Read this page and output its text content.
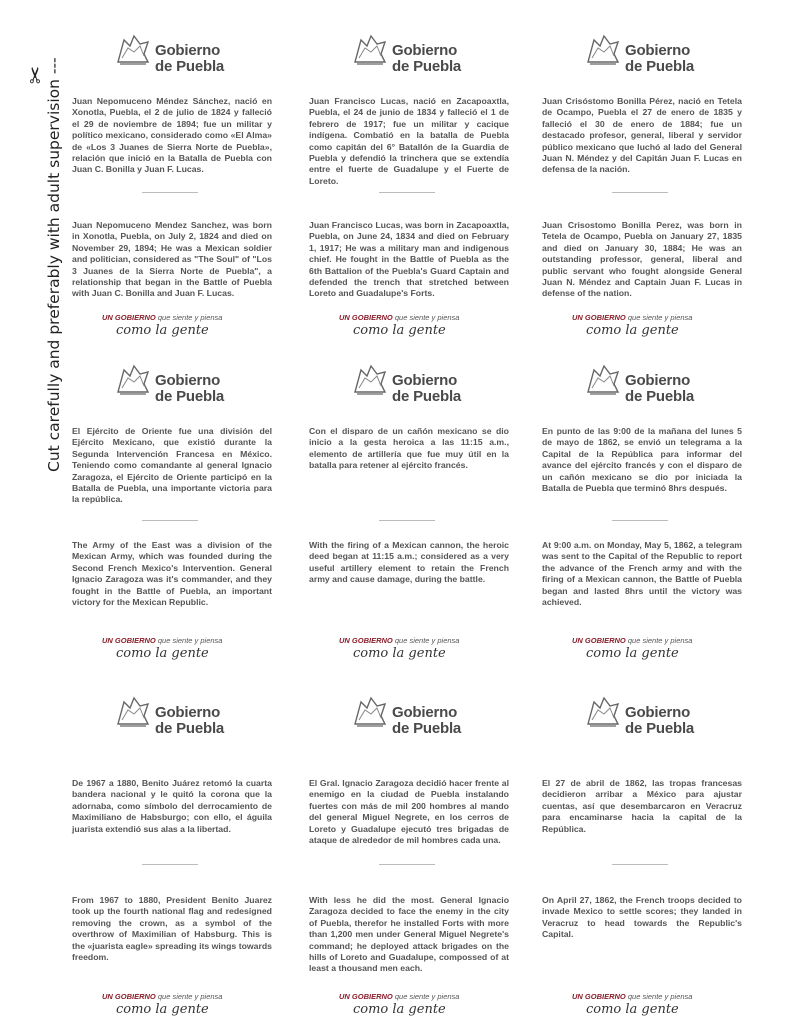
✂
Cut carefully and preferably with adult supervision ---
Gobierno
de Puebla
Juan Nepomuceno Méndez Sánchez, nació en Xonotla, Puebla, el 2 de julio de 1824 y falleció el 29 de noviembre de 1894; fue un militar y político mexicano, considerado como «El Alma» de «Los 3 Juanes de Sierra Norte de Puebla», relación que inició en la Batalla de Puebla con Juan C. Bonilla y Juan F. Lucas.
Juan Nepomuceno Mendez Sanchez, was born in Xonotla, Puebla, on July 2, 1824 and died on November 29, 1894; He was a Mexican soldier and politician, considered as "The Soul" of "Los 3 Juanes de la Sierra Norte de Puebla", a relationship that began in the Battle of Puebla with Juan C. Bonilla and Juan F. Lucas.
UN GOBIERNO que siente y piensa
como la gente
Gobierno
de Puebla
Juan Francisco Lucas, nació en Zacapoaxtla, Puebla, el 24 de junio de 1834 y falleció el 1 de febrero de 1917; fue un militar y cacique indígena. Combatió en la batalla de Puebla como capitán del 6° Batallón de la Guardia de Puebla y defendió la trinchera que se extendía entre el fuerte de Guadalupe y el Fuerte de Loreto.
Juan Francisco Lucas, was born in Zacapoaxtla, Puebla, on June 24, 1834 and died on February 1, 1917; He was a military man and indigenous chief. He fought in the Battle of Puebla as the 6th Battalion of the Puebla's Guard Captain and defended the trench that stretched between Loreto and Guadalupe's Forts.
UN GOBIERNO que siente y piensa
como la gente
Gobierno
de Puebla
Juan Crisóstomo Bonilla Pérez, nació en Tetela de Ocampo, Puebla el 27 de enero de 1835 y falleció el 30 de enero de 1884; fue un destacado profesor, general, liberal y servidor público mexicano que luchó al lado del General Juan N. Méndez y del Capitán Juan F. Lucas en defensa de la nación.
Juan Crisostomo Bonilla Perez, was born in Tetela de Ocampo, Puebla on January 27, 1835 and died on January 30, 1884; He was an outstanding professor, general, liberal and public servant who fought alongside General Juan N. Méndez and Captain Juan F. Lucas in defense of the nation.
UN GOBIERNO que siente y piensa
como la gente
Gobierno
de Puebla
El Ejército de Oriente fue una división del Ejército Mexicano, que existió durante la Segunda Intervención Francesa en México. Teniendo como comandante al general Ignacio Zaragoza, el Ejército de Oriente participó en la Batalla de Puebla, una importante victoria para la república.
The Army of the East was a division of the Mexican Army, which was founded during the Second French Mexico's Intervention. General Ignacio Zaragoza was it's commander, and they fought in the Battle of Puebla, an important victory for the Mexican Republic.
UN GOBIERNO que siente y piensa
como la gente
Gobierno
de Puebla
Con el disparo de un cañón mexicano se dio inicio a la gesta heroica a las 11:15 a.m., elemento de artillería que fue muy útil en la batalla para retener al ejército francés.
With the firing of a Mexican cannon, the heroic deed began at 11:15 a.m.; considered as a very useful artillery element to retain the French army and cause damage, during the battle.
UN GOBIERNO que siente y piensa
como la gente
Gobierno
de Puebla
En punto de las 9:00 de la mañana del lunes 5 de mayo de 1862, se envió un telegrama a la Capital de la República para informar del avance del ejército francés y con el disparo de un cañón mexicano se dio por iniciada la Batalla de Puebla que terminó 8hrs después.
At 9:00 a.m. on Monday, May 5, 1862, a telegram was sent to the Capital of the Republic to report the advance of the French army and with the firing of a Mexican cannon, the Battle of Puebla began and lasted 8hrs until the victory was achieved.
UN GOBIERNO que siente y piensa
como la gente
Gobierno
de Puebla
De 1967 a 1880, Benito Juárez retomó la cuarta bandera nacional y le quitó la corona que la adornaba, como símbolo del derrocamiento de Maximiliano de Habsburgo; con ello, el águila juarista extendió sus alas a la libertad.
From 1967 to 1880, President Benito Juarez took up the fourth national flag and redesigned removing the crown, as a symbol of the overthrow of Maximilian of Habsburg. This is the «juarista eagle» spreading its wings towards freedom.
UN GOBIERNO que siente y piensa
como la gente
Gobierno
de Puebla
El Gral. Ignacio Zaragoza decidió hacer frente al enemigo en la ciudad de Puebla instalando fuertes con más de mil 200 hombres al mando del general Miguel Negrete, en los cerros de Loreto y Guadalupe ejecutó tres brigadas de ataque de alrededor de mil hombres cada una.
With less he did the most. General Ignacio Zaragoza decided to face the enemy in the city of Puebla, therefor he installed Forts with more than 1,200 men under General Miguel Negrete's command; he deployed attack brigades on the hills of Loreto and Guadalupe, compossed of at least a thousand men each.
UN GOBIERNO que siente y piensa
como la gente
Gobierno
de Puebla
El 27 de abril de 1862, las tropas francesas decidieron arribar a México para ajustar cuentas, así que desembarcaron en Veracruz para encaminarse hacia la capital de la República.
On April 27, 1862, the French troops decided to invade Mexico to settle scores; they landed in Veracruz to head towards the Republic's Capital.
UN GOBIERNO que siente y piensa
como la gente
